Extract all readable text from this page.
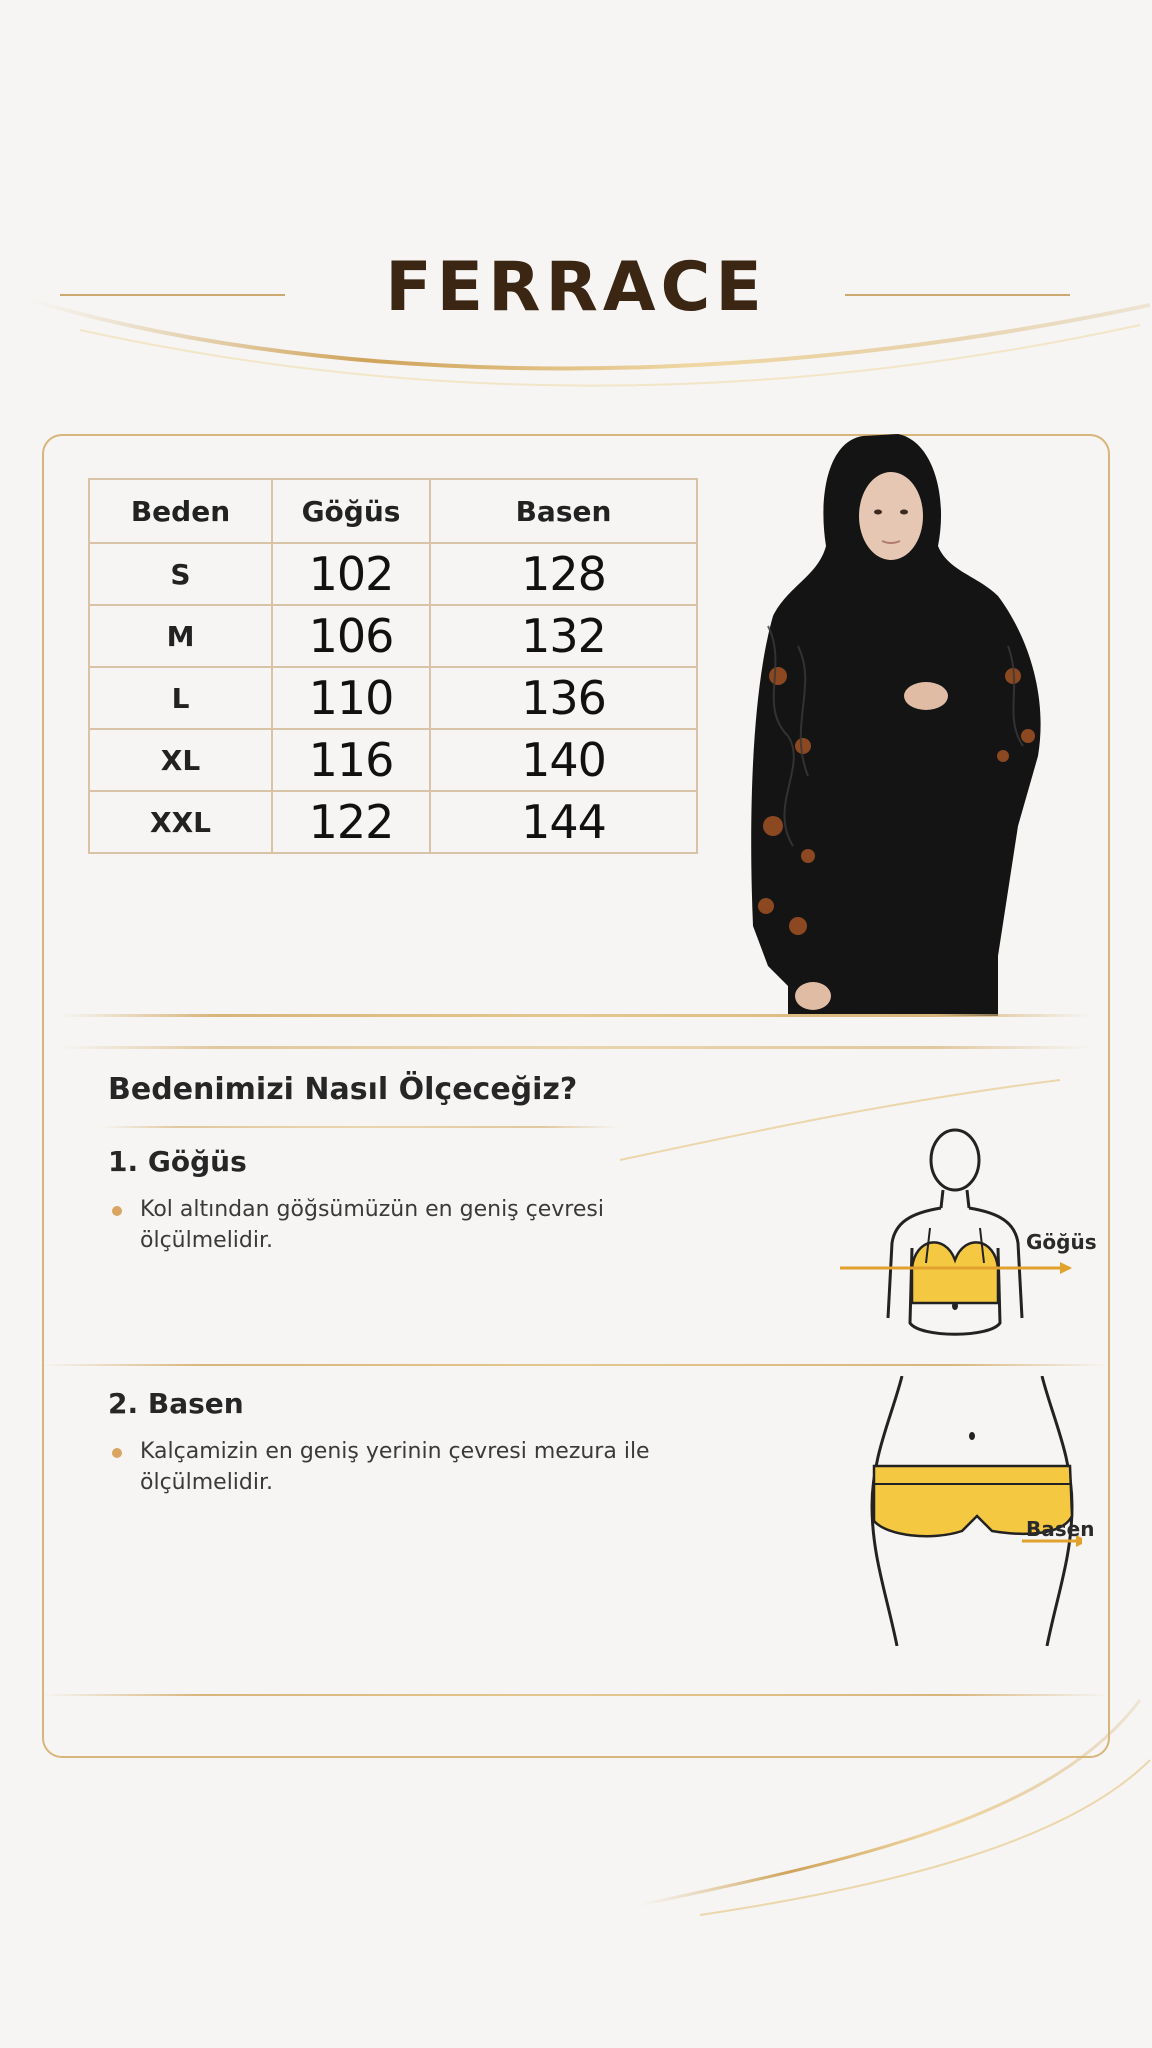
FERRACE
Beden	Göğüs	Basen
S	102	128
M	106	132
L	110	136
XL	116	140
XXL	122	144
Bedenimizi Nasıl Ölçeceğiz?
1. Göğüs

Kol altından göğsümüzün en geniş çevresi ölçülmelidir.	Göğüs
2. Basen

Kalçamizin en geniş yerinin çevresi mezura ile ölçülmelidir.

Basen
